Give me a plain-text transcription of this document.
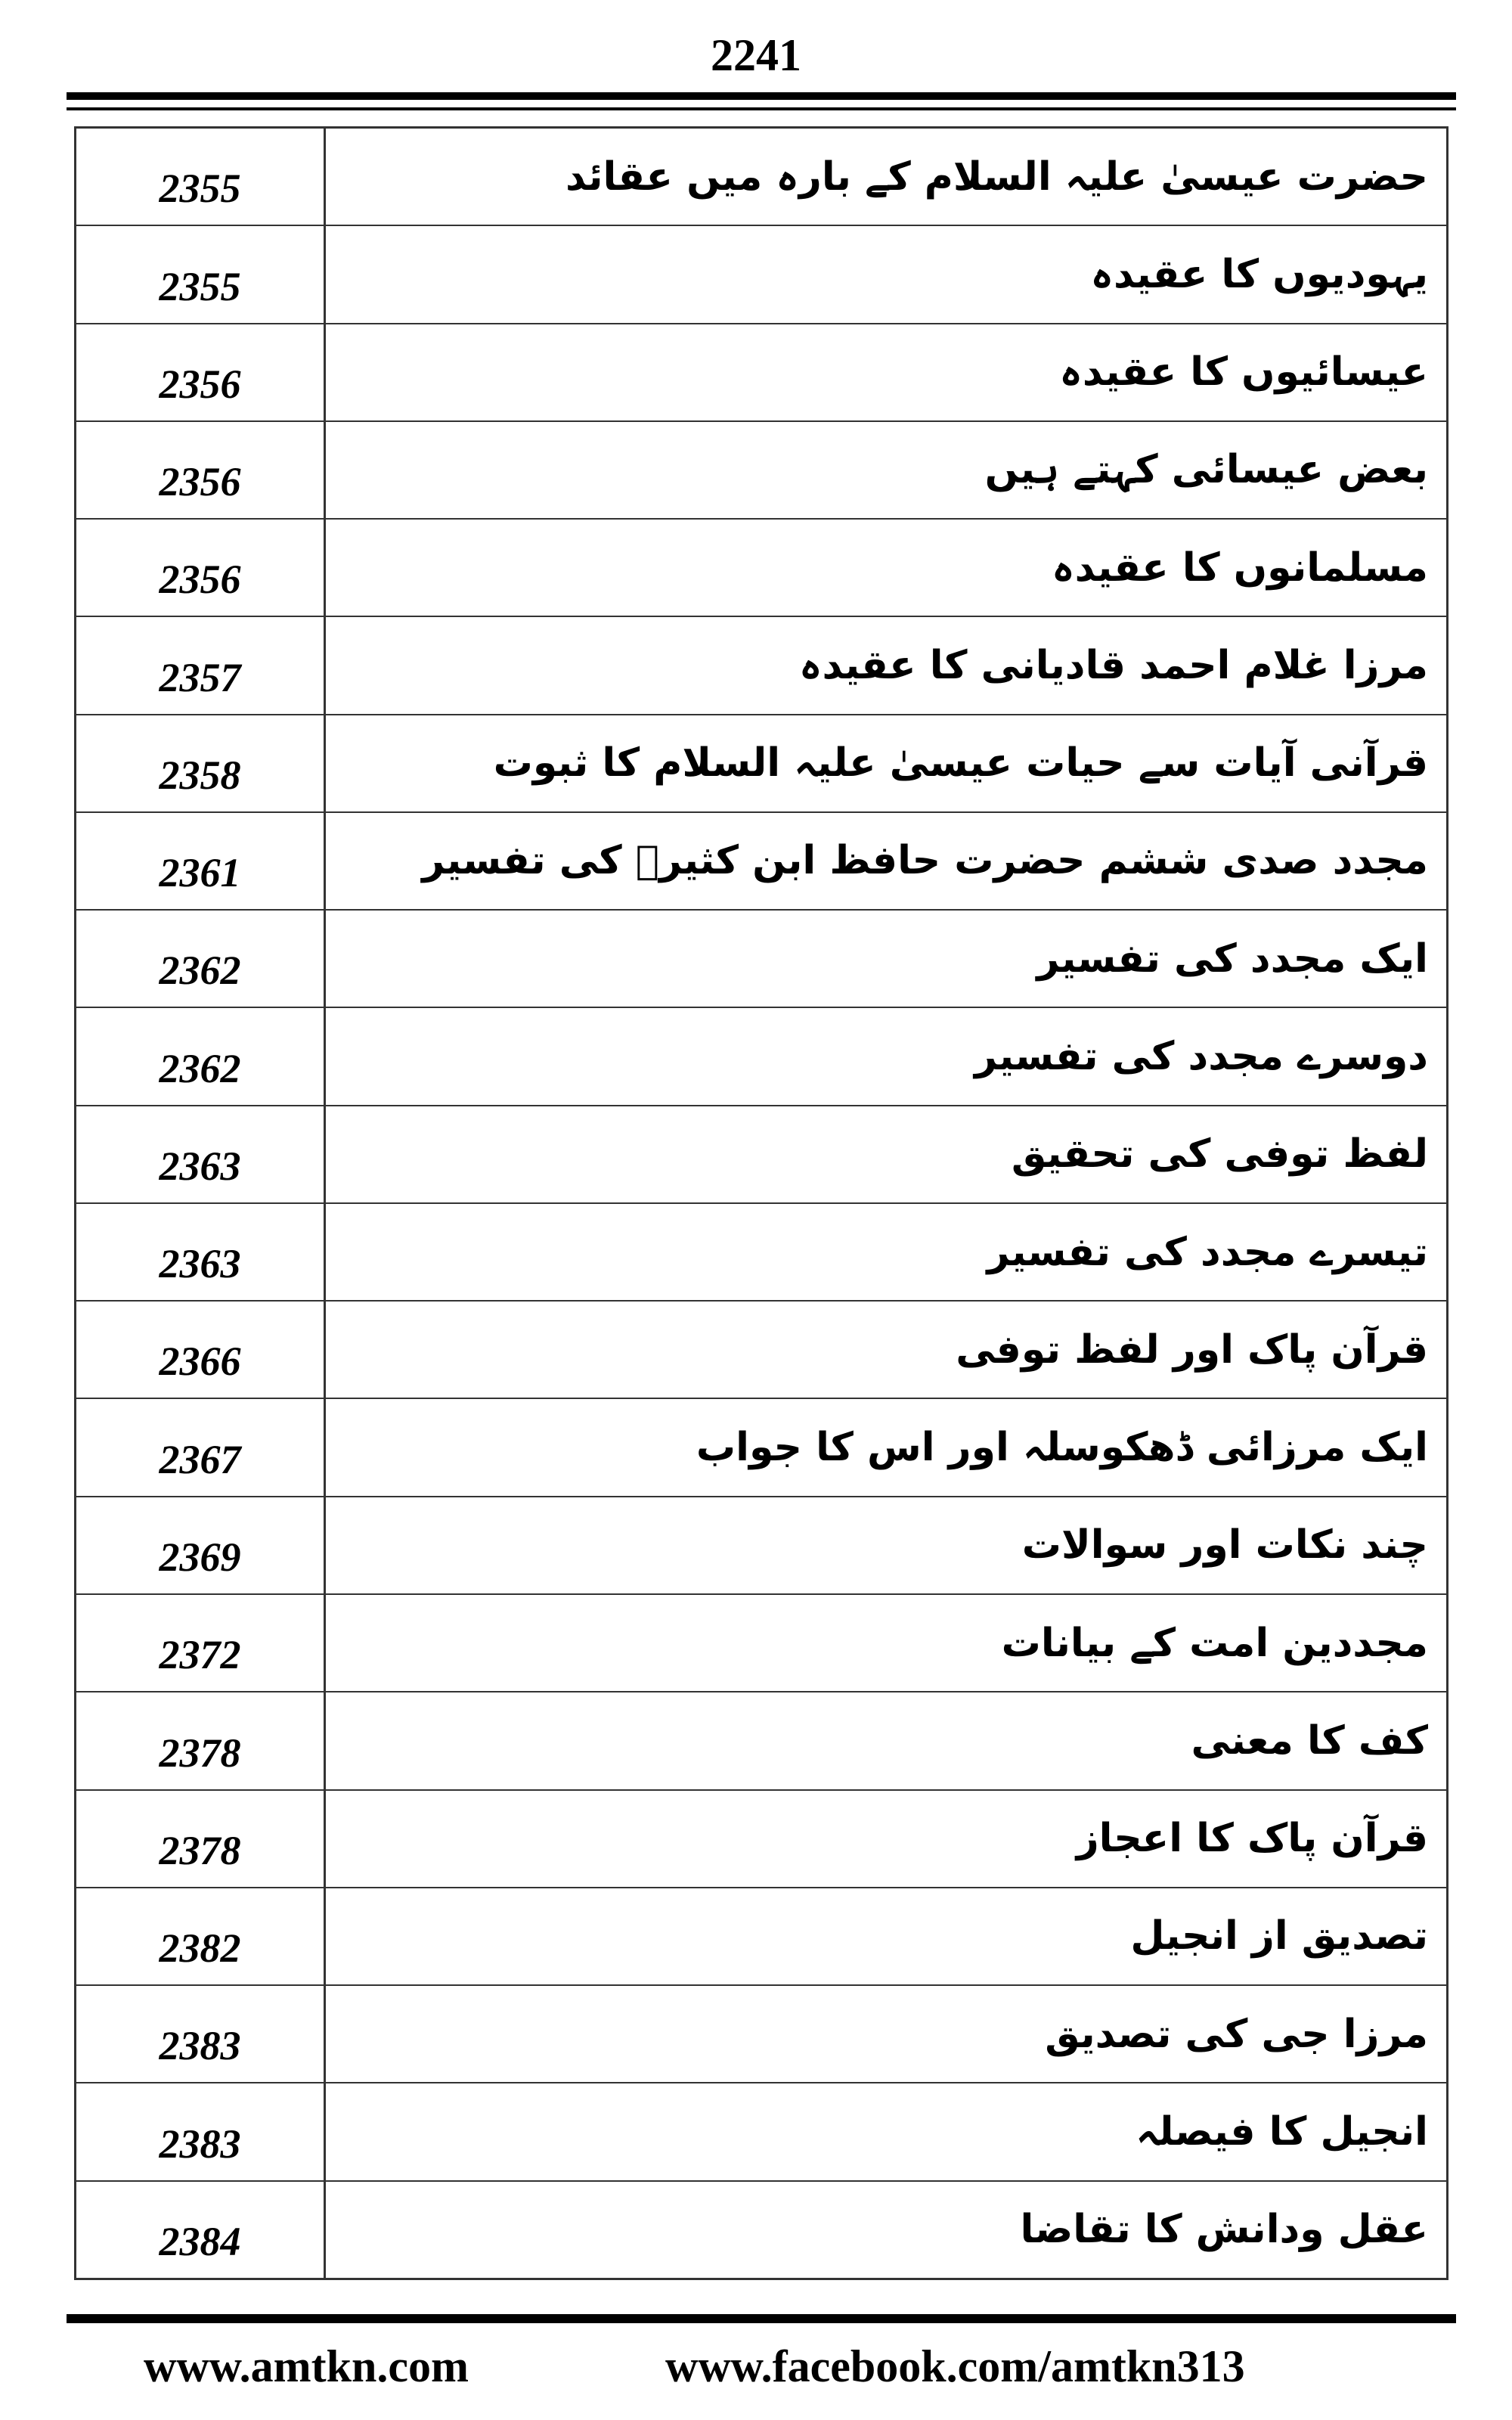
2241
2355	حضرت عیسیٰ علیہ السلام کے بارہ میں عقائد
2355	یہودیوں کا عقیدہ
2356	عیسائیوں کا عقیدہ
2356	بعض عیسائی کہتے ہیں
2356	مسلمانوں کا عقیدہ
2357	مرزا غلام احمد قادیانی کا عقیدہ
2358	قرآنی آیات سے حیات عیسیٰ علیہ السلام کا ثبوت
2361	مجدد صدی ششم حضرت حافظ ابن کثیرؒ کی تفسیر
2362	ایک مجدد کی تفسیر
2362	دوسرے مجدد کی تفسیر
2363	لفظ توفی کی تحقیق
2363	تیسرے مجدد کی تفسیر
2366	قرآن پاک اور لفظ توفی
2367	ایک مرزائی ڈھکوسلہ اور اس کا جواب
2369	چند نکات اور سوالات
2372	مجددین امت کے بیانات
2378	کف کا معنی
2378	قرآن پاک کا اعجاز
2382	تصدیق از انجیل
2383	مرزا جی کی تصدیق
2383	انجیل کا فیصلہ
2384	عقل ودانش کا تقاضا
www.amtkn.com	www.facebook.com/amtkn313
